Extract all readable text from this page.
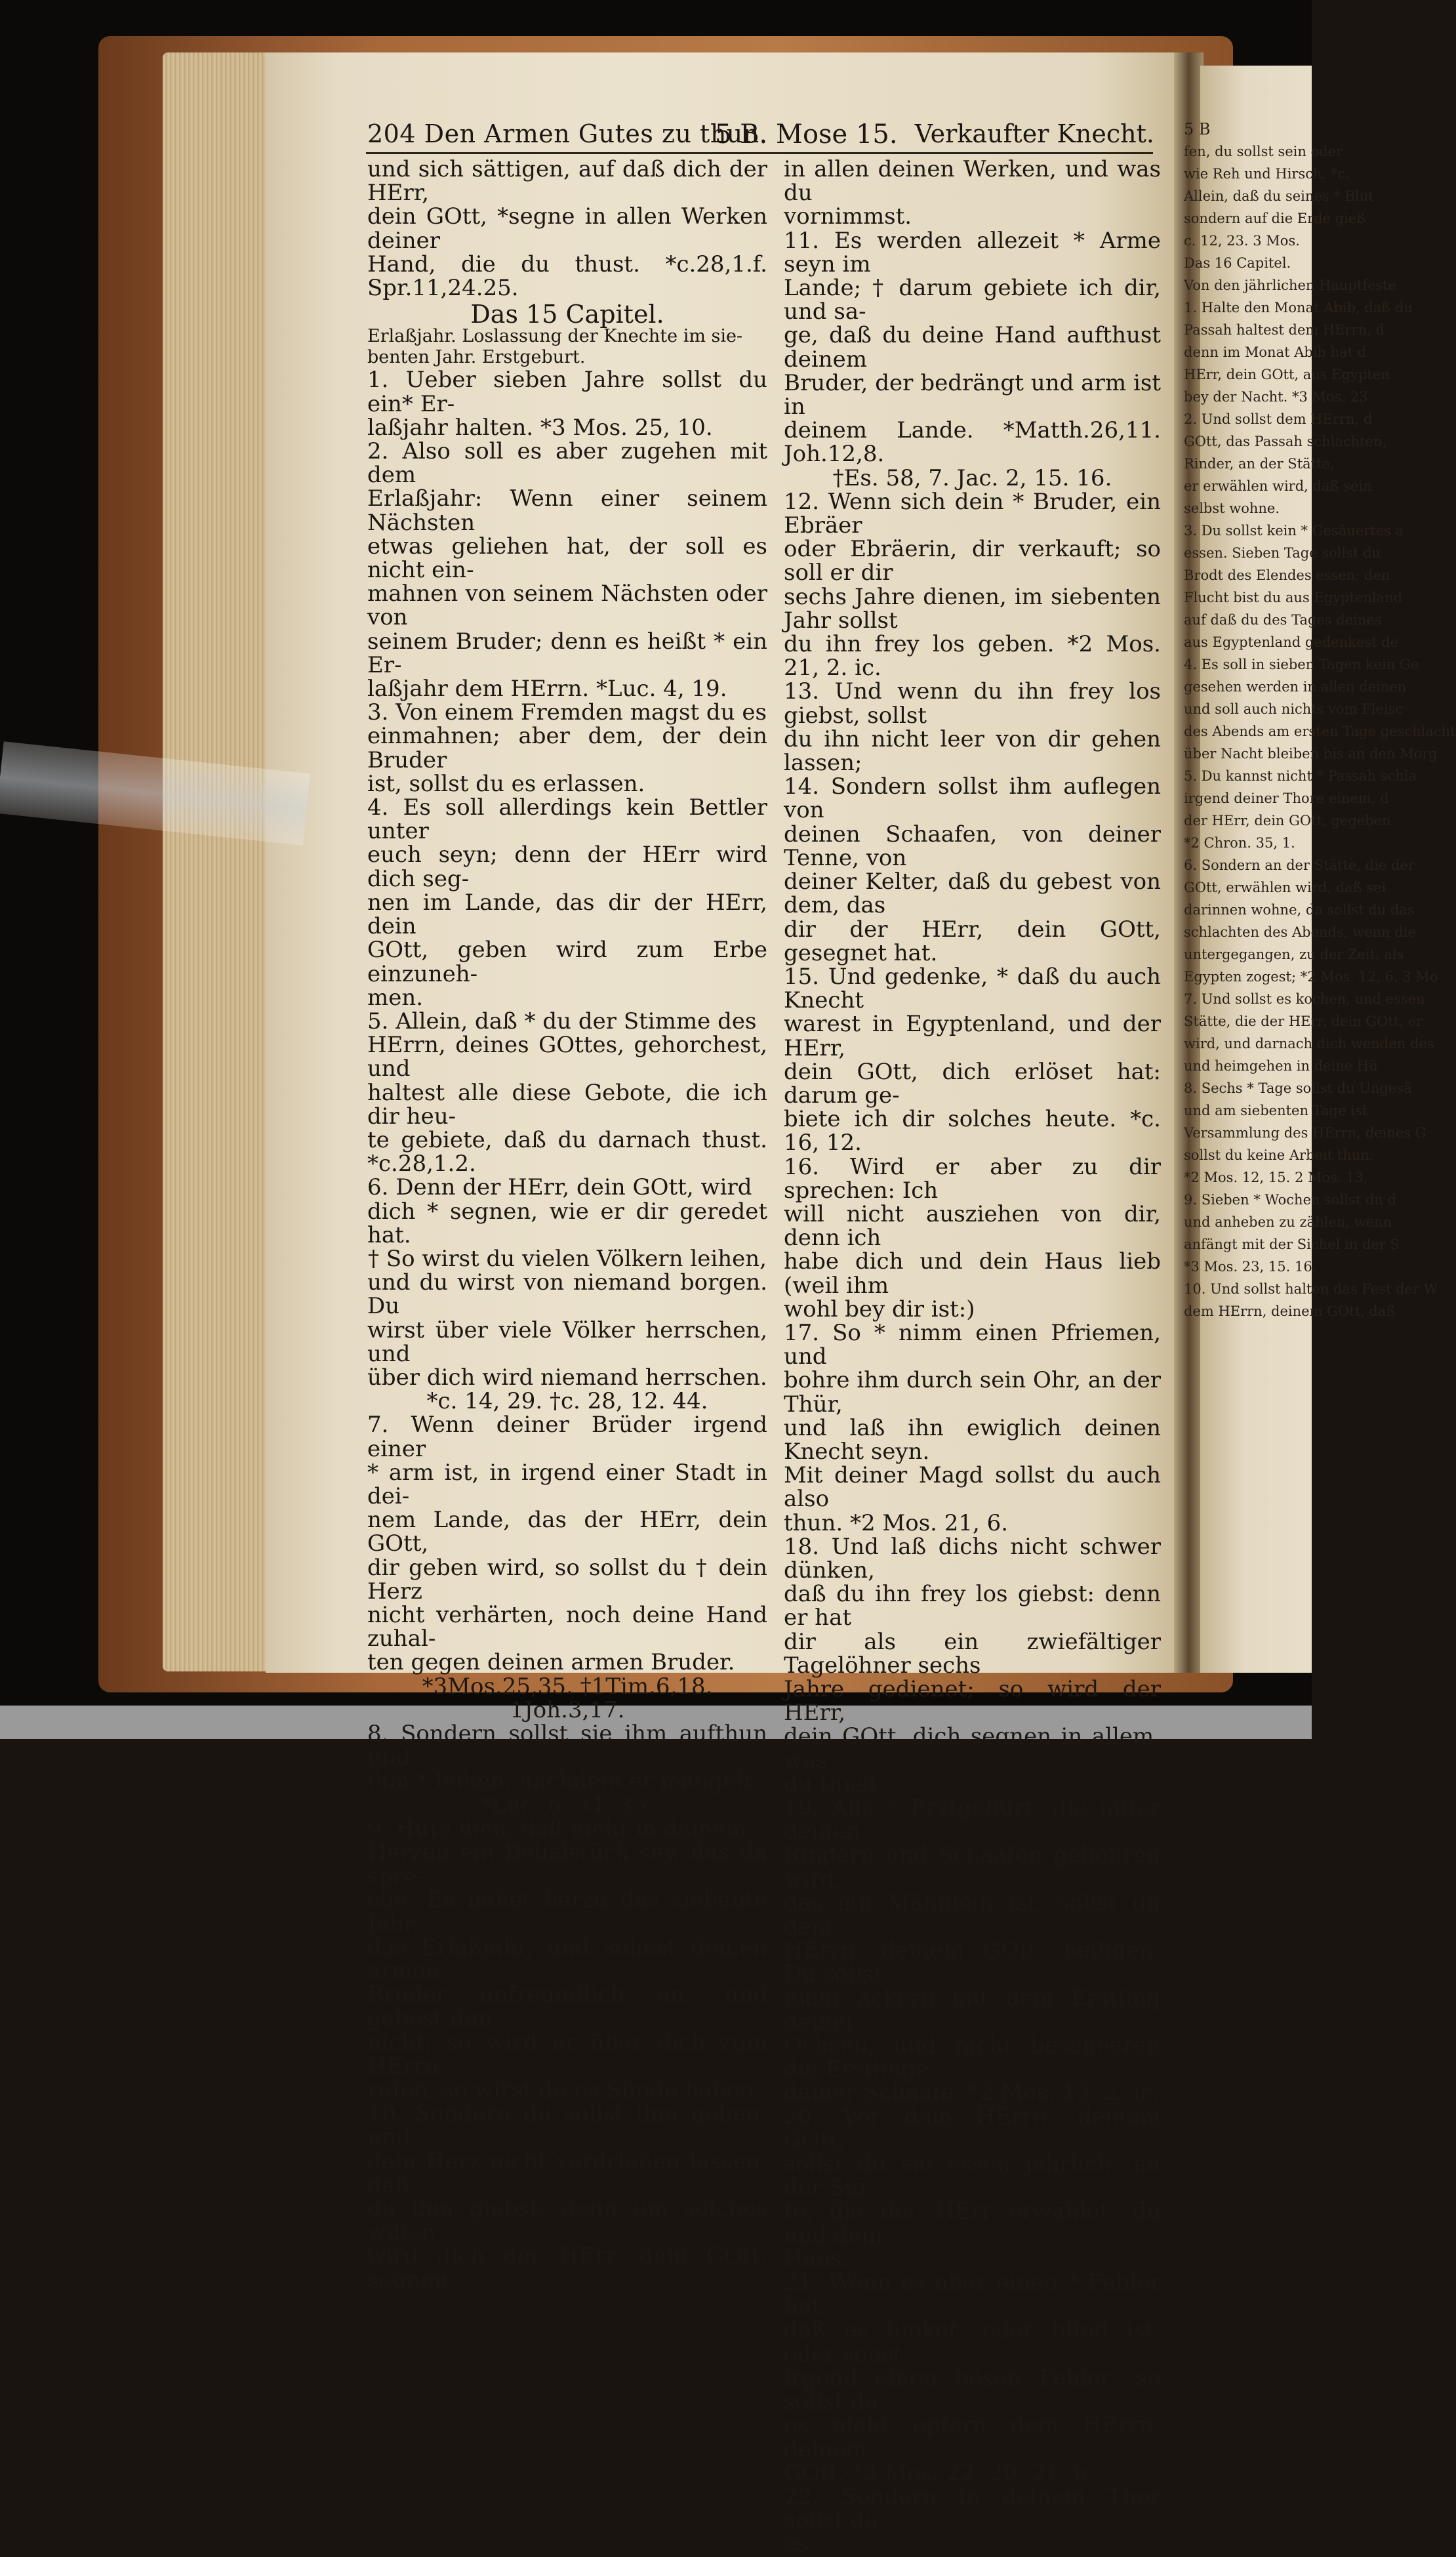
204 Den Armen Gutes zu thun.
5 B. Mose 15. Verkaufter Knecht.

und sich sättigen, auf daß dich der HErr,

dein GOtt, *segne in allen Werken deiner

Hand, die du thust. *c.28,1.f. Spr.11,24.25.

Das 15 Capitel.

Erlaßjahr. Loslassung der Knechte im sie-

benten Jahr. Erstgeburt.

1. Ueber sieben Jahre sollst du ein* Er-

laßjahr halten. *3 Mos. 25, 10.

2. Also soll es aber zugehen mit dem

Erlaßjahr: Wenn einer seinem Nächsten

etwas geliehen hat, der soll es nicht ein-

mahnen von seinem Nächsten oder von

seinem Bruder; denn es heißt * ein Er-

laßjahr dem HErrn. *Luc. 4, 19.

3. Von einem Fremden magst du es

einmahnen; aber dem, der dein Bruder

ist, sollst du es erlassen.

4. Es soll allerdings kein Bettler unter

euch seyn; denn der HErr wird dich seg-

nen im Lande, das dir der HErr, dein

GOtt, geben wird zum Erbe einzuneh-

men.

5. Allein, daß * du der Stimme des

HErrn, deines GOttes, gehorchest, und

haltest alle diese Gebote, die ich dir heu-

te gebiete, daß du darnach thust. *c.28,1.2.

6. Denn der HErr, dein GOtt, wird

dich * segnen, wie er dir geredet hat.

† So wirst du vielen Völkern leihen,

und du wirst von niemand borgen. Du

wirst über viele Völker herrschen, und

über dich wird niemand herrschen.

*c. 14, 29. †c. 28, 12. 44.

7. Wenn deiner Brüder irgend einer

* arm ist, in irgend einer Stadt in dei-

nem Lande, das der HErr, dein GOtt,

dir geben wird, so sollst du † dein Herz

nicht verhärten, noch deine Hand zuhal-

ten gegen deinen armen Bruder.

*3Mos.25,35. †1Tim.6,18. 1Joh.3,17.

8. Sondern sollst sie ihm aufthun und

ihm * leihen, nachdem er mangelt.

*Luc. 6, 34. 35.

9. Hüte dich, daß nicht in deinem

Herzen ein Belialstück sey, das da spre-

che: Es nahet herzu das siebente Jahr,

das Erlaßjahr, und sehest deinen armen

Bruder unfreundlich an, und gebest ihm

nicht; so wird er über dich zum HErrn

rufen, so wirst du es Sünde haben.

10. Sondern du sollst ihm geben, und

dein Herz nicht verdrießen lassen, daß

du ihm giebst: denn um solches willen

wird dich der HErr, dein GOtt, segnen

in allen deinen Werken, und was du

vornimmst.

11. Es werden allezeit * Arme seyn im

Lande; † darum gebiete ich dir, und sa-

ge, daß du deine Hand aufthust deinem

Bruder, der bedrängt und arm ist in

deinem Lande. *Matth.26,11. Joh.12,8.

†Es. 58, 7. Jac. 2, 15. 16.

12. Wenn sich dein * Bruder, ein Ebräer

oder Ebräerin, dir verkauft; so soll er dir

sechs Jahre dienen, im siebenten Jahr sollst

du ihn frey los geben. *2 Mos. 21, 2. ic.

13. Und wenn du ihn frey los giebst, sollst

du ihn nicht leer von dir gehen lassen;

14. Sondern sollst ihm auflegen von

deinen Schaafen, von deiner Tenne, von

deiner Kelter, daß du gebest von dem, das

dir der HErr, dein GOtt, gesegnet hat.

15. Und gedenke, * daß du auch Knecht

warest in Egyptenland, und der HErr,

dein GOtt, dich erlöset hat: darum ge-

biete ich dir solches heute. *c. 16, 12.

16. Wird er aber zu dir sprechen: Ich

will nicht ausziehen von dir, denn ich

habe dich und dein Haus lieb (weil ihm

wohl bey dir ist:)

17. So * nimm einen Pfriemen, und

bohre ihm durch sein Ohr, an der Thür,

und laß ihn ewiglich deinen Knecht seyn.

Mit deiner Magd sollst du auch also

thun. *2 Mos. 21, 6.

18. Und laß dichs nicht schwer dünken,

daß du ihn frey los giebst: denn er hat

dir als ein zwiefältiger Tagelöhner sechs

Jahre gedienet; so wird der HErr,

dein GOtt, dich segnen in allem, was

du thust.

19. Alle * Erstgeburt, die unter deinen

Rindern und Schaafen gebohren wird,

das ein Männlein ist, sollst du dem

HErrn, deinem GOtt, heiligen. Du sollst

nicht ackern mit dem Erstling deiner

Ochsen, und nicht bescheeren die Erstlinge

deiner Schaafe. *2 Mos. 13, 2. ic.

20. Vor dem HErrn, deinem GOtt,

sollst du sie essen jährlich, an der Stä-

te, die der HErr erwählet, du und dein

Haus.

21. Wenn es aber einen * Fehler hat,

daß es hinket, oder blind ist, oder sonst

irgend einen bösen Fehler; so sollst du

es nicht opfern dem HErrn, deinem

GOtt. *3 Mos. 22, 20. 21. ic.

22. Sondern in deinem Thor sollst du

es

5 B

fen, du sollst sein oder

wie Reh und Hirsch. *c.

Allein, daß du seines * Blut

sondern auf die Erde gieß

c. 12, 23. 3 Mos.

Das 16 Capitel.

Von den jährlichen Hauptfeste

1. Halte den Monat Abib, daß du

Passah haltest dem HErrn, d

denn im Monat Abib hat d

HErr, dein GOtt, aus Egypten

bey der Nacht. *3 Mos. 23

2. Und sollst dem HErrn, d

GOtt, das Passah schlachten,

Rinder, an der Stätte,

er erwählen wird, daß sein

selbst wohne.

3. Du sollst kein * Gesäuertes a

essen. Sieben Tage sollst du

Brodt des Elendes essen; den

Flucht bist du aus Egyptenland

auf daß du des Tages deines

aus Egyptenland gedenkest de

4. Es soll in sieben Tagen kein Ge

gesehen werden in allen deinen

und soll auch nichts vom Fleisc

des Abends am ersten Tage geschlacht

über Nacht bleiben bis an den Morg

5. Du kannst nicht * Passah schla

irgend deiner Thore einem, d

der HErr, dein GOtt, gegeben

*2 Chron. 35, 1.

6. Sondern an der Stätte, die der

GOtt, erwählen wird, daß sei

darinnen wohne, da sollst du das

schlachten des Abends, wenn die

untergegangen, zu der Zeit, als

Egypten zogest; *2 Mos. 12, 6. 3 Mo

7. Und sollst es kochen, und essen

Stätte, die der HErr, dein GOtt, er

wird, und darnach dich wenden des

und heimgehen in deine Hü

8. Sechs * Tage sollst du Ungesä

und am siebenten Tage ist

Versammlung des HErrn, deines G

sollst du keine Arbeit thun.

*2 Mos. 12, 15. 2 Mos. 13,

9. Sieben * Wochen sollst du d

und anheben zu zählen, wenn

anfängt mit der Sichel in der S

*3 Mos. 23, 15. 16.

10. Und sollst halten das Fest der W

dem HErrn, deinem GOtt, daß
